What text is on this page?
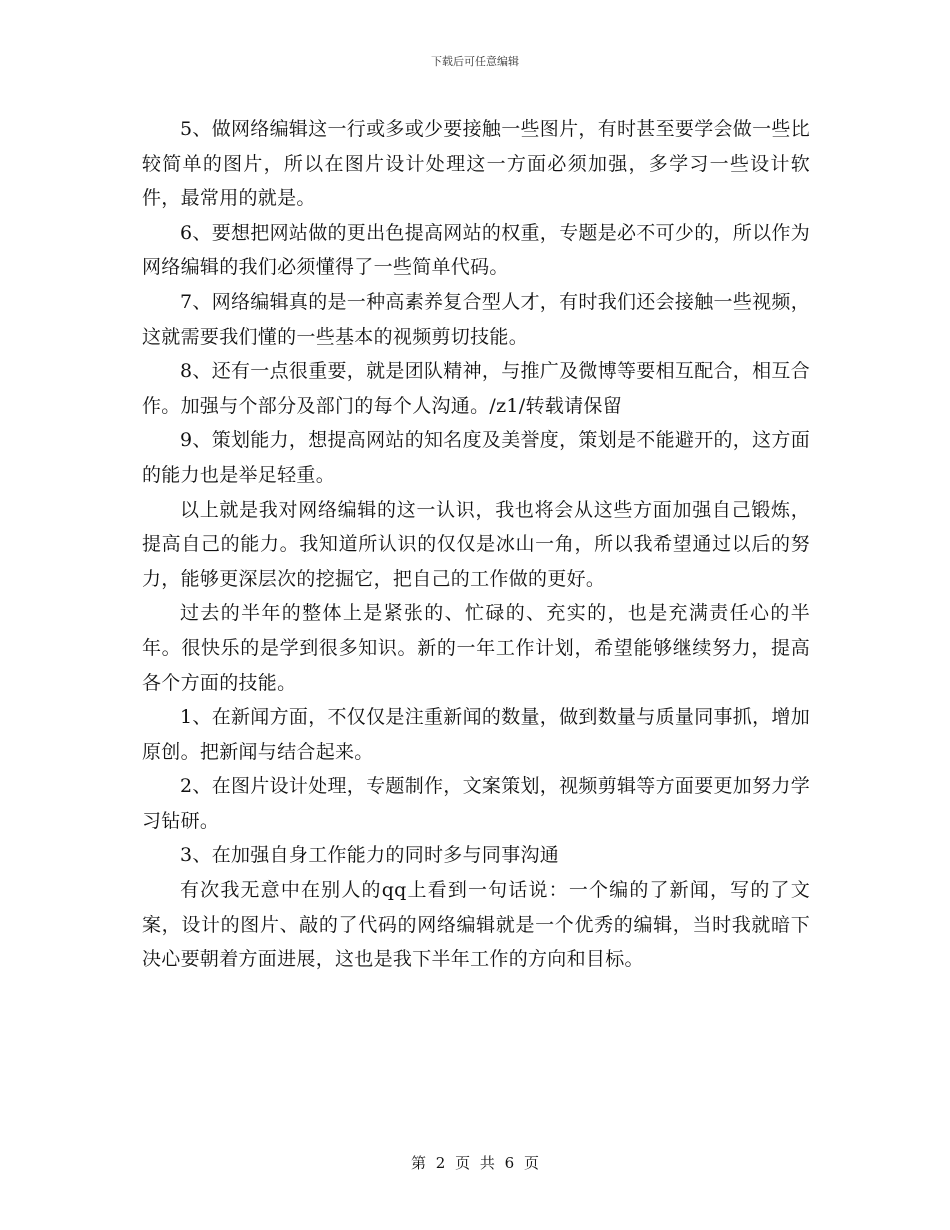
下载后可任意编辑

5、做网络编辑这一行或多或少要接触一些图片，有时甚至要学会做一些比较简单的图片，所以在图片设计处理这一方面必须加强，多学习一些设计软件，最常用的就是。

6、要想把网站做的更出色提高网站的权重，专题是必不可少的，所以作为网络编辑的我们必须懂得了一些简单代码。

7、网络编辑真的是一种高素养复合型人才，有时我们还会接触一些视频，这就需要我们懂的一些基本的视频剪切技能。

8、还有一点很重要，就是团队精神，与推广及微博等要相互配合，相互合作。加强与个部分及部门的每个人沟通。/z1/转载请保留

9、策划能力，想提高网站的知名度及美誉度，策划是不能避开的，这方面的能力也是举足轻重。

以上就是我对网络编辑的这一认识，我也将会从这些方面加强自己锻炼，提高自己的能力。我知道所认识的仅仅是冰山一角，所以我希望通过以后的努力，能够更深层次的挖掘它，把自己的工作做的更好。

过去的半年的整体上是紧张的、忙碌的、充实的，也是充满责任心的半年。很快乐的是学到很多知识。新的一年工作计划，希望能够继续努力，提高各个方面的技能。

1、在新闻方面，不仅仅是注重新闻的数量，做到数量与质量同事抓，增加原创。把新闻与结合起来。

2、在图片设计处理，专题制作，文案策划，视频剪辑等方面要更加努力学习钻研。

3、在加强自身工作能力的同时多与同事沟通

有次我无意中在别人的qq上看到一句话说：一个编的了新闻，写的了文案，设计的图片、敲的了代码的网络编辑就是一个优秀的编辑，当时我就暗下决心要朝着方面进展，这也是我下半年工作的方向和目标。

第 2 页 共 6 页
